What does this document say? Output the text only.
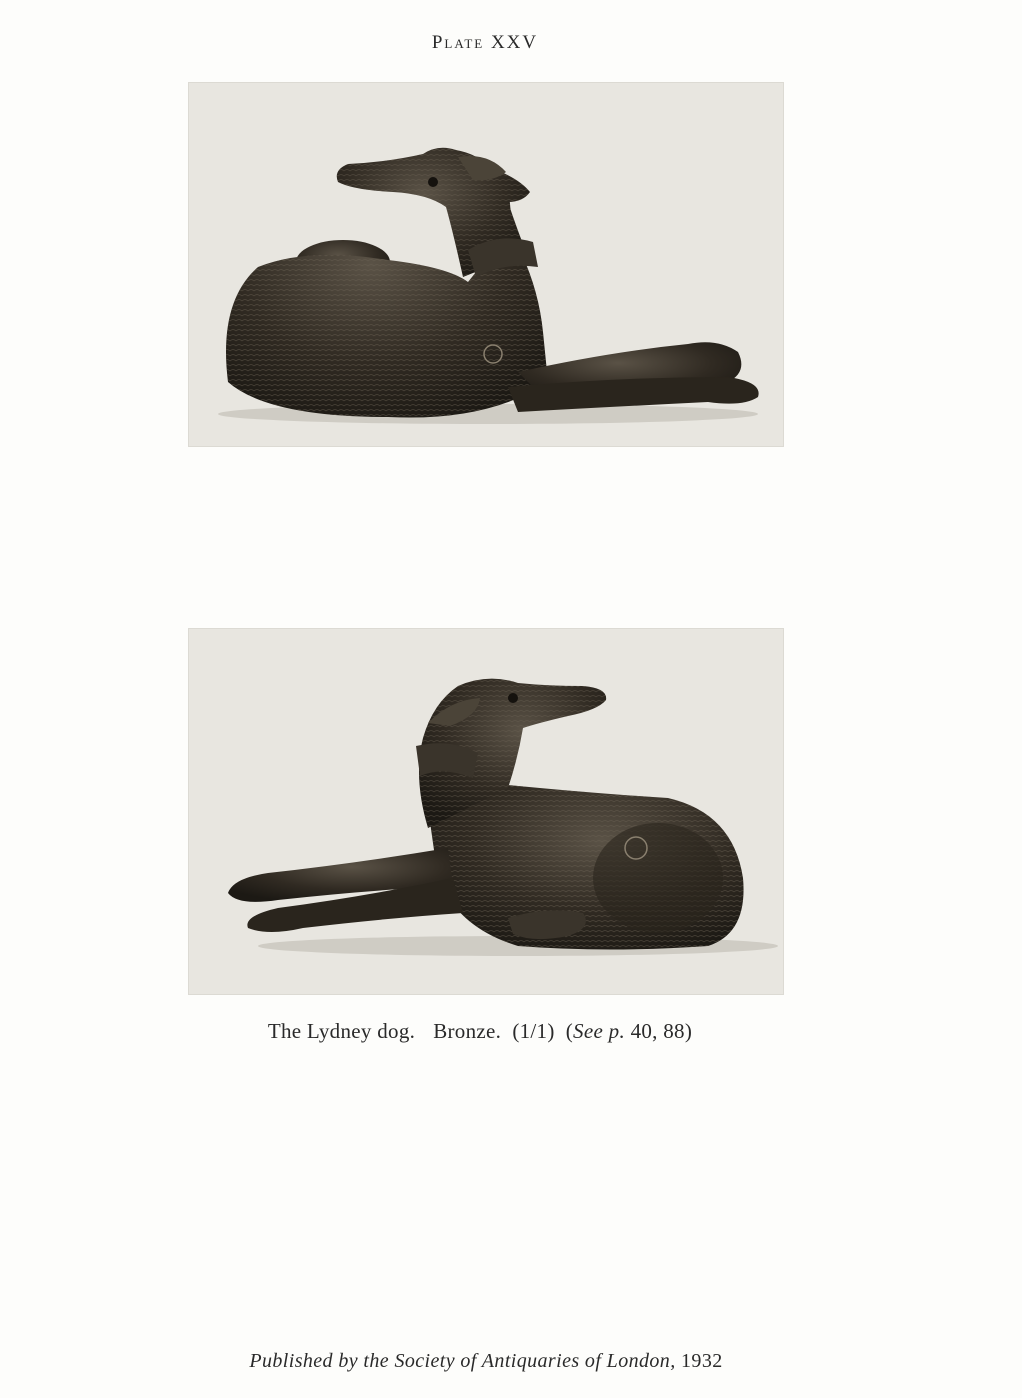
Plate XXV
The Lydney dog. Bronze. (1/1)  (See p. 40, 88)
Published by the Society of Antiquaries of London, 1932
